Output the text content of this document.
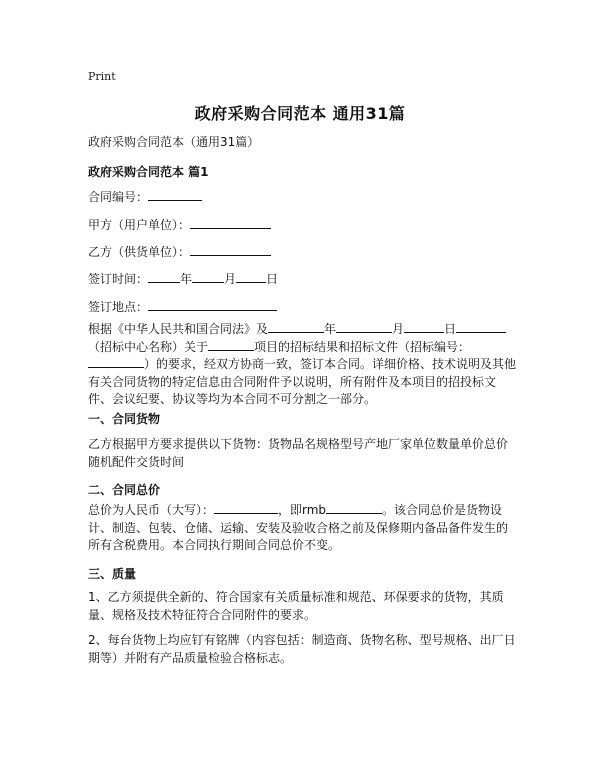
Print
政府采购合同范本 通用31篇
政府采购合同范本（通用31篇）
政府采购合同范本 篇1
合同编号：
甲方（用户单位）：
乙方（供货单位）：
签订时间：	年	月	日
签订地点：
根据《中华人民共和国合同法》及	年	月	日（招标中心名称）关于	项目的招标结果和招标文件（招标编号：）的要求，经双方协商一致，签订本合同。详细价格、技术说明及其他有关合同货物的特定信息由合同附件予以说明，所有附件及本项目的招投标文件、会议纪要、协议等均为本合同不可分割之一部分。
一、合同货物
乙方根据甲方要求提供以下货物：货物品名规格型号产地厂家单位数量单价总价随机配件交货时间
二、合同总价
总价为人民币（大写）：	，即rmb	。该合同总价是货物设计、制造、包装、仓储、运输、安装及验收合格之前及保修期内备品备件发生的所有含税费用。本合同执行期间合同总价不变。
三、质量
1、乙方须提供全新的、符合国家有关质量标准和规范、环保要求的货物，其质量、规格及技术特征符合合同附件的要求。
2、每台货物上均应钉有铭牌（内容包括：制造商、货物名称、型号规格、出厂日期等）并附有产品质量检验合格标志。
